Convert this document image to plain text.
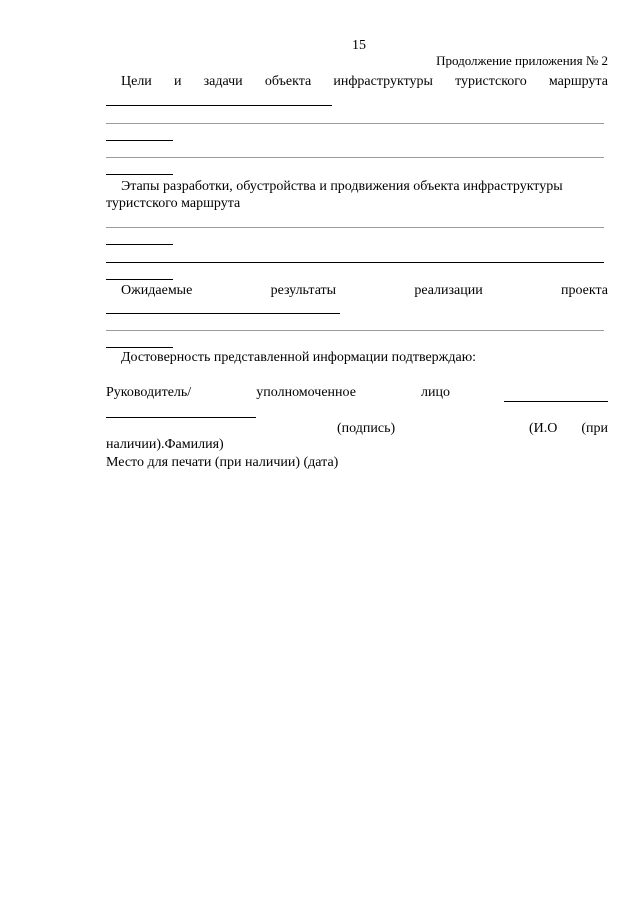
15
Продолжение приложения № 2
Цели и задачи объекта инфраструктуры туристского маршрута
Этапы разработки, обустройства и продвижения объекта инфраструктуры
туристского маршрута
Ожидаемые	результаты	реализации	проекта
Достоверность представленной информации подтверждаю:
Руководитель/	уполномоченное	лицо
(подпись)	(И.О (при
наличии).Фамилия)
Место для печати (при наличии) (дата)
